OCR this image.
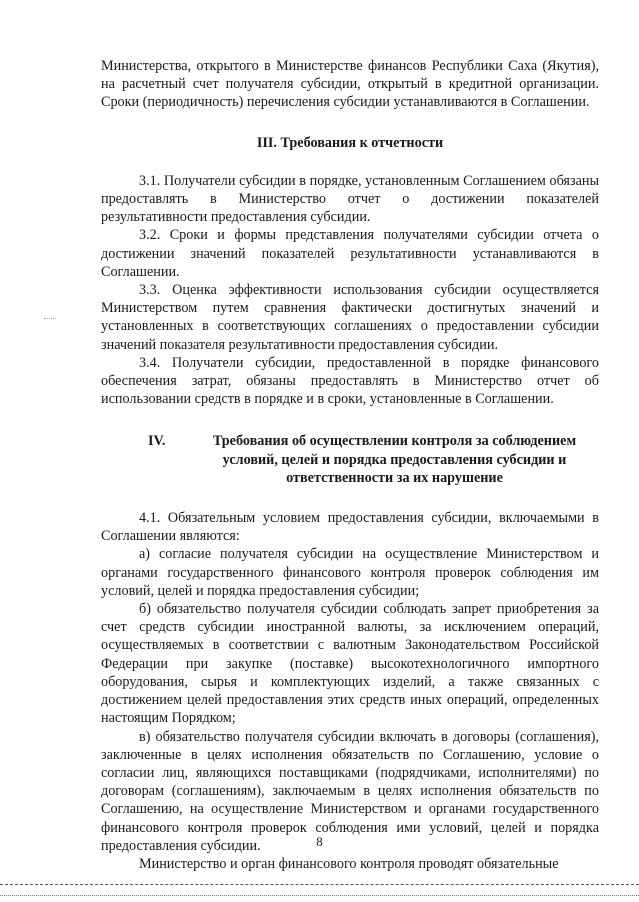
Министерства, открытого в Министерстве финансов Республики Саха (Якутия), на расчетный счет получателя субсидии, открытый в кредитной организации. Сроки (периодичность) перечисления субсидии устанавливаются в Соглашении.

III. Требования к отчетности

3.1. Получатели субсидии в порядке, установленным Соглашением обязаны предоставлять в Министерство отчет о достижении показателей результативности предоставления субсидии.

3.2. Сроки и формы представления получателями субсидии отчета о достижении значений показателей результативности устанавливаются в Соглашении.

3.3. Оценка эффективности использования субсидии осуществляется Министерством путем сравнения фактически достигнутых значений и установленных в соответствующих соглашениях о предоставлении субсидии значений показателя результативности предоставления субсидии.

3.4. Получатели субсидии, предоставленной в порядке финансового обеспечения затрат, обязаны предоставлять в Министерство отчет об использовании средств в порядке и в сроки, установленные в Соглашении.

IV.	Требования об осуществлении контроля за соблюдением условий, целей и порядка предоставления субсидии и ответственности за их нарушение

4.1. Обязательным условием предоставления субсидии, включаемыми в Соглашении являются:

а) согласие получателя субсидии на осуществление Министерством и органами государственного финансового контроля проверок соблюдения им условий, целей и порядка предоставления субсидии;

б) обязательство получателя субсидии соблюдать запрет приобретения за счет средств субсидии иностранной валюты, за исключением операций, осуществляемых в соответствии с валютным Законодательством Российской Федерации при закупке (поставке) высокотехнологичного импортного оборудования, сырья и комплектующих изделий, а также связанных с достижением целей предоставления этих средств иных операций, определенных настоящим Порядком;

в) обязательство получателя субсидии включать в договоры (соглашения), заключенные в целях исполнения обязательств по Соглашению, условие о согласии лиц, являющихся поставщиками (подрядчиками, исполнителями) по договорам (соглашениям), заключаемым в целях исполнения обязательств по Соглашению, на осуществление Министерством и органами государственного финансового контроля проверок соблюдения ими условий, целей и порядка предоставления субсидии.

Министерство и орган финансового контроля проводят обязательные

8
